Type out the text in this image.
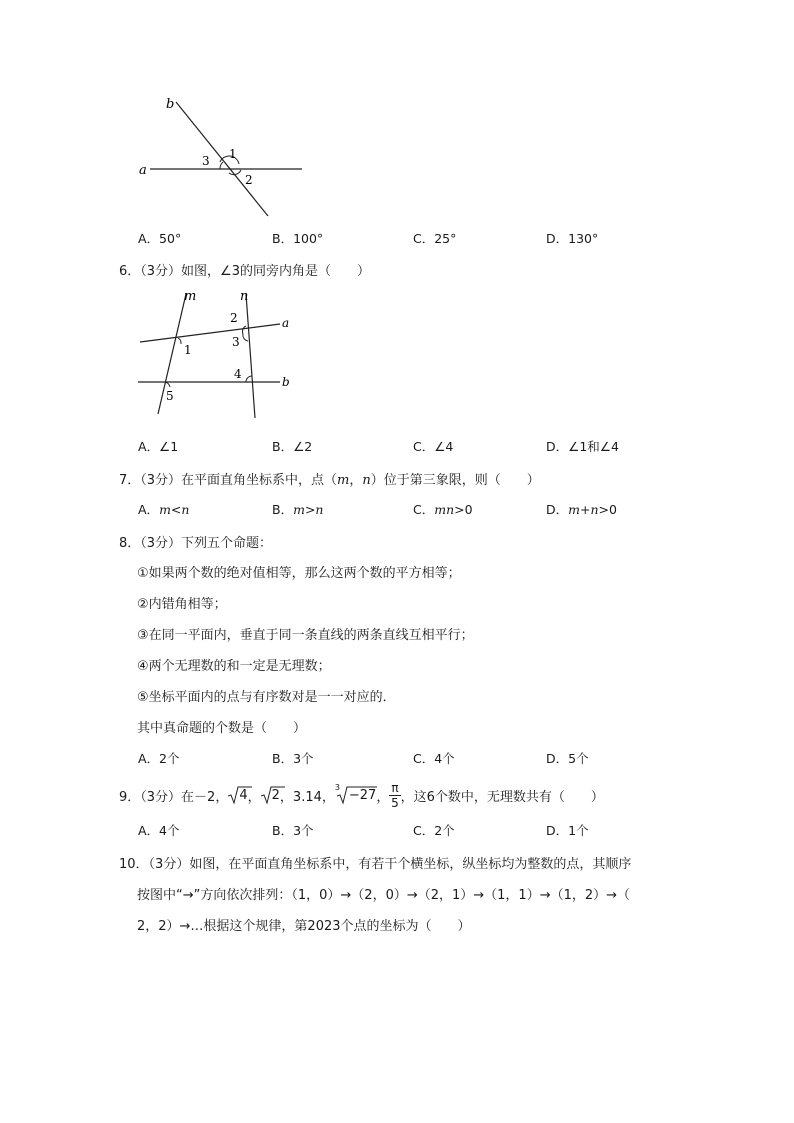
a
b
1
2
3
A．50°	B．100°	C．25°	D．130°
6．（3分）如图，∠3的同旁内角是（　　）
m	n
a
b
1
2
3
4
5
A．∠1	B．∠2	C．∠4	D．∠1和∠4
7．（3分）在平面直角坐标系中，点（m，n）位于第三象限，则（　　）
A．m<n	B．m>n	C．mn>0	D．m+n>0
8．（3分）下列五个命题：
①如果两个数的绝对值相等，那么这两个数的平方相等；
②内错角相等；
③在同一平面内，垂直于同一条直线的两条直线互相平行；
④两个无理数的和一定是无理数；
⑤坐标平面内的点与有序数对是一一对应的．
其中真命题的个数是（　　）
A．2个	B．3个	C．4个	D．5个
9．（3分）在－2， 4 ， 2 ， 3.14，
3
−27 ， $\frac{\pi}{5}$ ，这6个数中，无理数共有（　　）
A．4个	B．3个	C．2个	D．1个
10．（3分）如图，在平面直角坐标系中，有若干个横坐标，纵坐标均为整数的点，其顺序
按图中“→”方向依次排列：（1，0）→（2，0）→（2，1）→（1，1）→（1，2）→（
2，2）→…根据这个规律，第2023个点的坐标为（　　）
